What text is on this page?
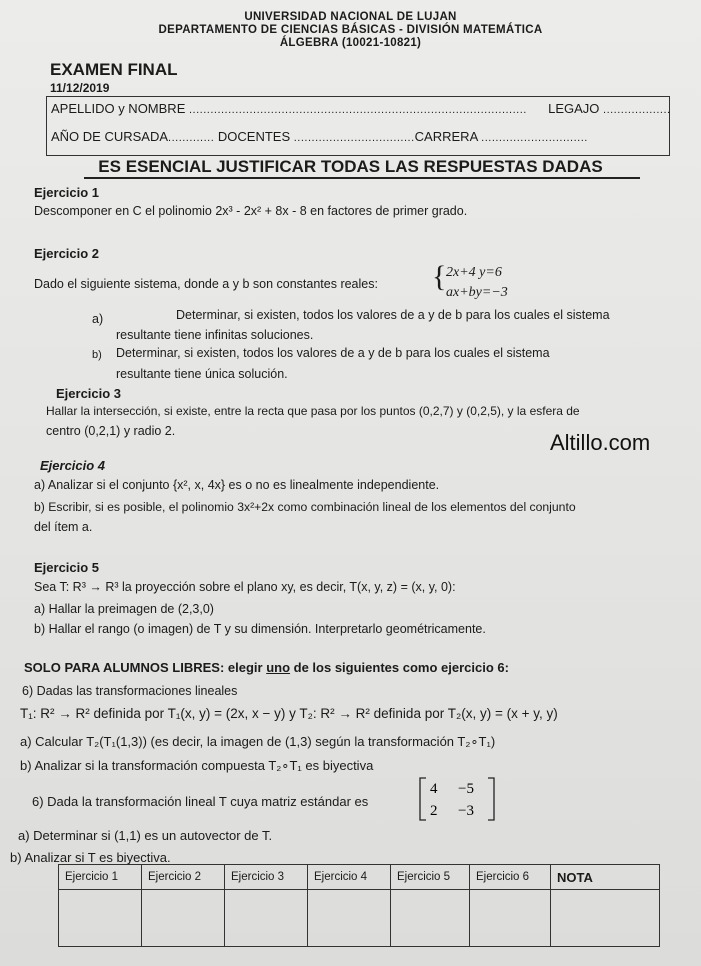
UNIVERSIDAD NACIONAL DE LUJAN
DEPARTAMENTO DE CIENCIAS BÁSICAS - DIVISIÓN MATEMÁTICA
ÁLGEBRA (10021-10821)
EXAMEN FINAL
11/12/2019
APELLIDO y NOMBRE ............................................................................................... LEGAJO ...................
AÑO DE CURSADA............. DOCENTES ..................................CARRERA ..............................
ES ESENCIAL JUSTIFICAR TODAS LAS RESPUESTAS DADAS
Ejercicio 1
Descomponer en C el polinomio 2x³ - 2x² + 8x - 8 en factores de primer grado.
Ejercicio 2
Dado el siguiente sistema, donde a y b son constantes reales: { 2x+4 y=6
ax+by=−3
a)	Determinar, si existen, todos los valores de a y de b para los cuales el sistema
resultante tiene infinitas soluciones.
b) Determinar, si existen, todos los valores de a y de b para los cuales el sistema
resultante tiene única solución.
Ejercicio 3
Hallar la intersección, si existe, entre la recta que pasa por los puntos (0,2,7) y (0,2,5), y la esfera de
centro (0,2,1) y radio 2.	Altillo.com
Ejercicio 4
a) Analizar si el conjunto {x², x, 4x} es o no es linealmente independiente.
b) Escribir, si es posible, el polinomio 3x²+2x como combinación lineal de los elementos del conjunto
del ítem a.
Ejercicio 5
Sea T: R³ → R³ la proyección sobre el plano xy, es decir, T(x, y, z) = (x, y, 0):
a) Hallar la preimagen de (2,3,0)
b) Hallar el rango (o imagen) de T y su dimensión. Interpretarlo geométricamente.
SOLO PARA ALUMNOS LIBRES: elegir uno de los siguientes como ejercicio 6:
6) Dadas las transformaciones lineales
T₁: R² → R² definida por T₁(x, y) = (2x, x − y) y T₂: R² → R² definida por T₂(x, y) = (x + y, y)
a) Calcular T₂(T₁(1,3)) (es decir, la imagen de (1,3) según la transformación T₂∘T₁)
b) Analizar si la transformación compuesta T₂∘T₁ es biyectiva
6) Dada la transformación lineal T cuya matriz estándar es
4 −5
2 −3
a) Determinar si (1,1) es un autovector de T.
b) Analizar si T es biyectiva.
Ejercicio 1	Ejercicio 2	Ejercicio 3	Ejercicio 4	Ejercicio 5	Ejercicio 6	NOTA
